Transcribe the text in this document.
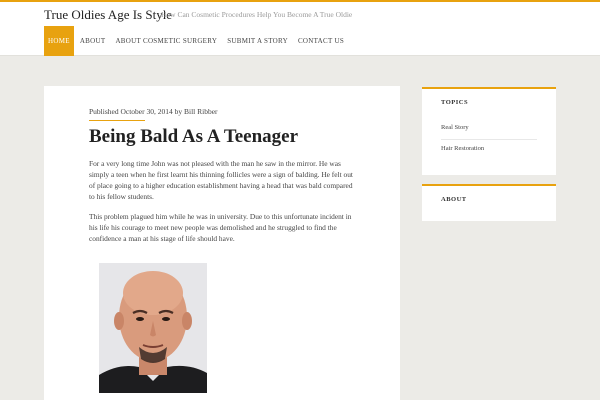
True Oldies Age Is Style
How Can Cosmetic Procedures Help You Become A True Oldie
HOME	ABOUT	ABOUT COSMETIC SURGERY	SUBMIT A STORY	CONTACT US
Published October 30, 2014 by Bill Ribber
Being Bald As A Teenager

For a very long time John was not pleased with the man he saw in the mirror. He was simply a teen when he first learnt his thinning follicles were a sign of balding. He felt out of place going to a higher education establishment having a head that was bald compared to his fellow students.

This problem plagued him while he was in university. Due to this unfortunate incident in his life his courage to meet new people was demolished and he struggled to find the confidence a man at his stage of life should have.

TOPICS
Real Story
Hair Restoration
ABOUT
